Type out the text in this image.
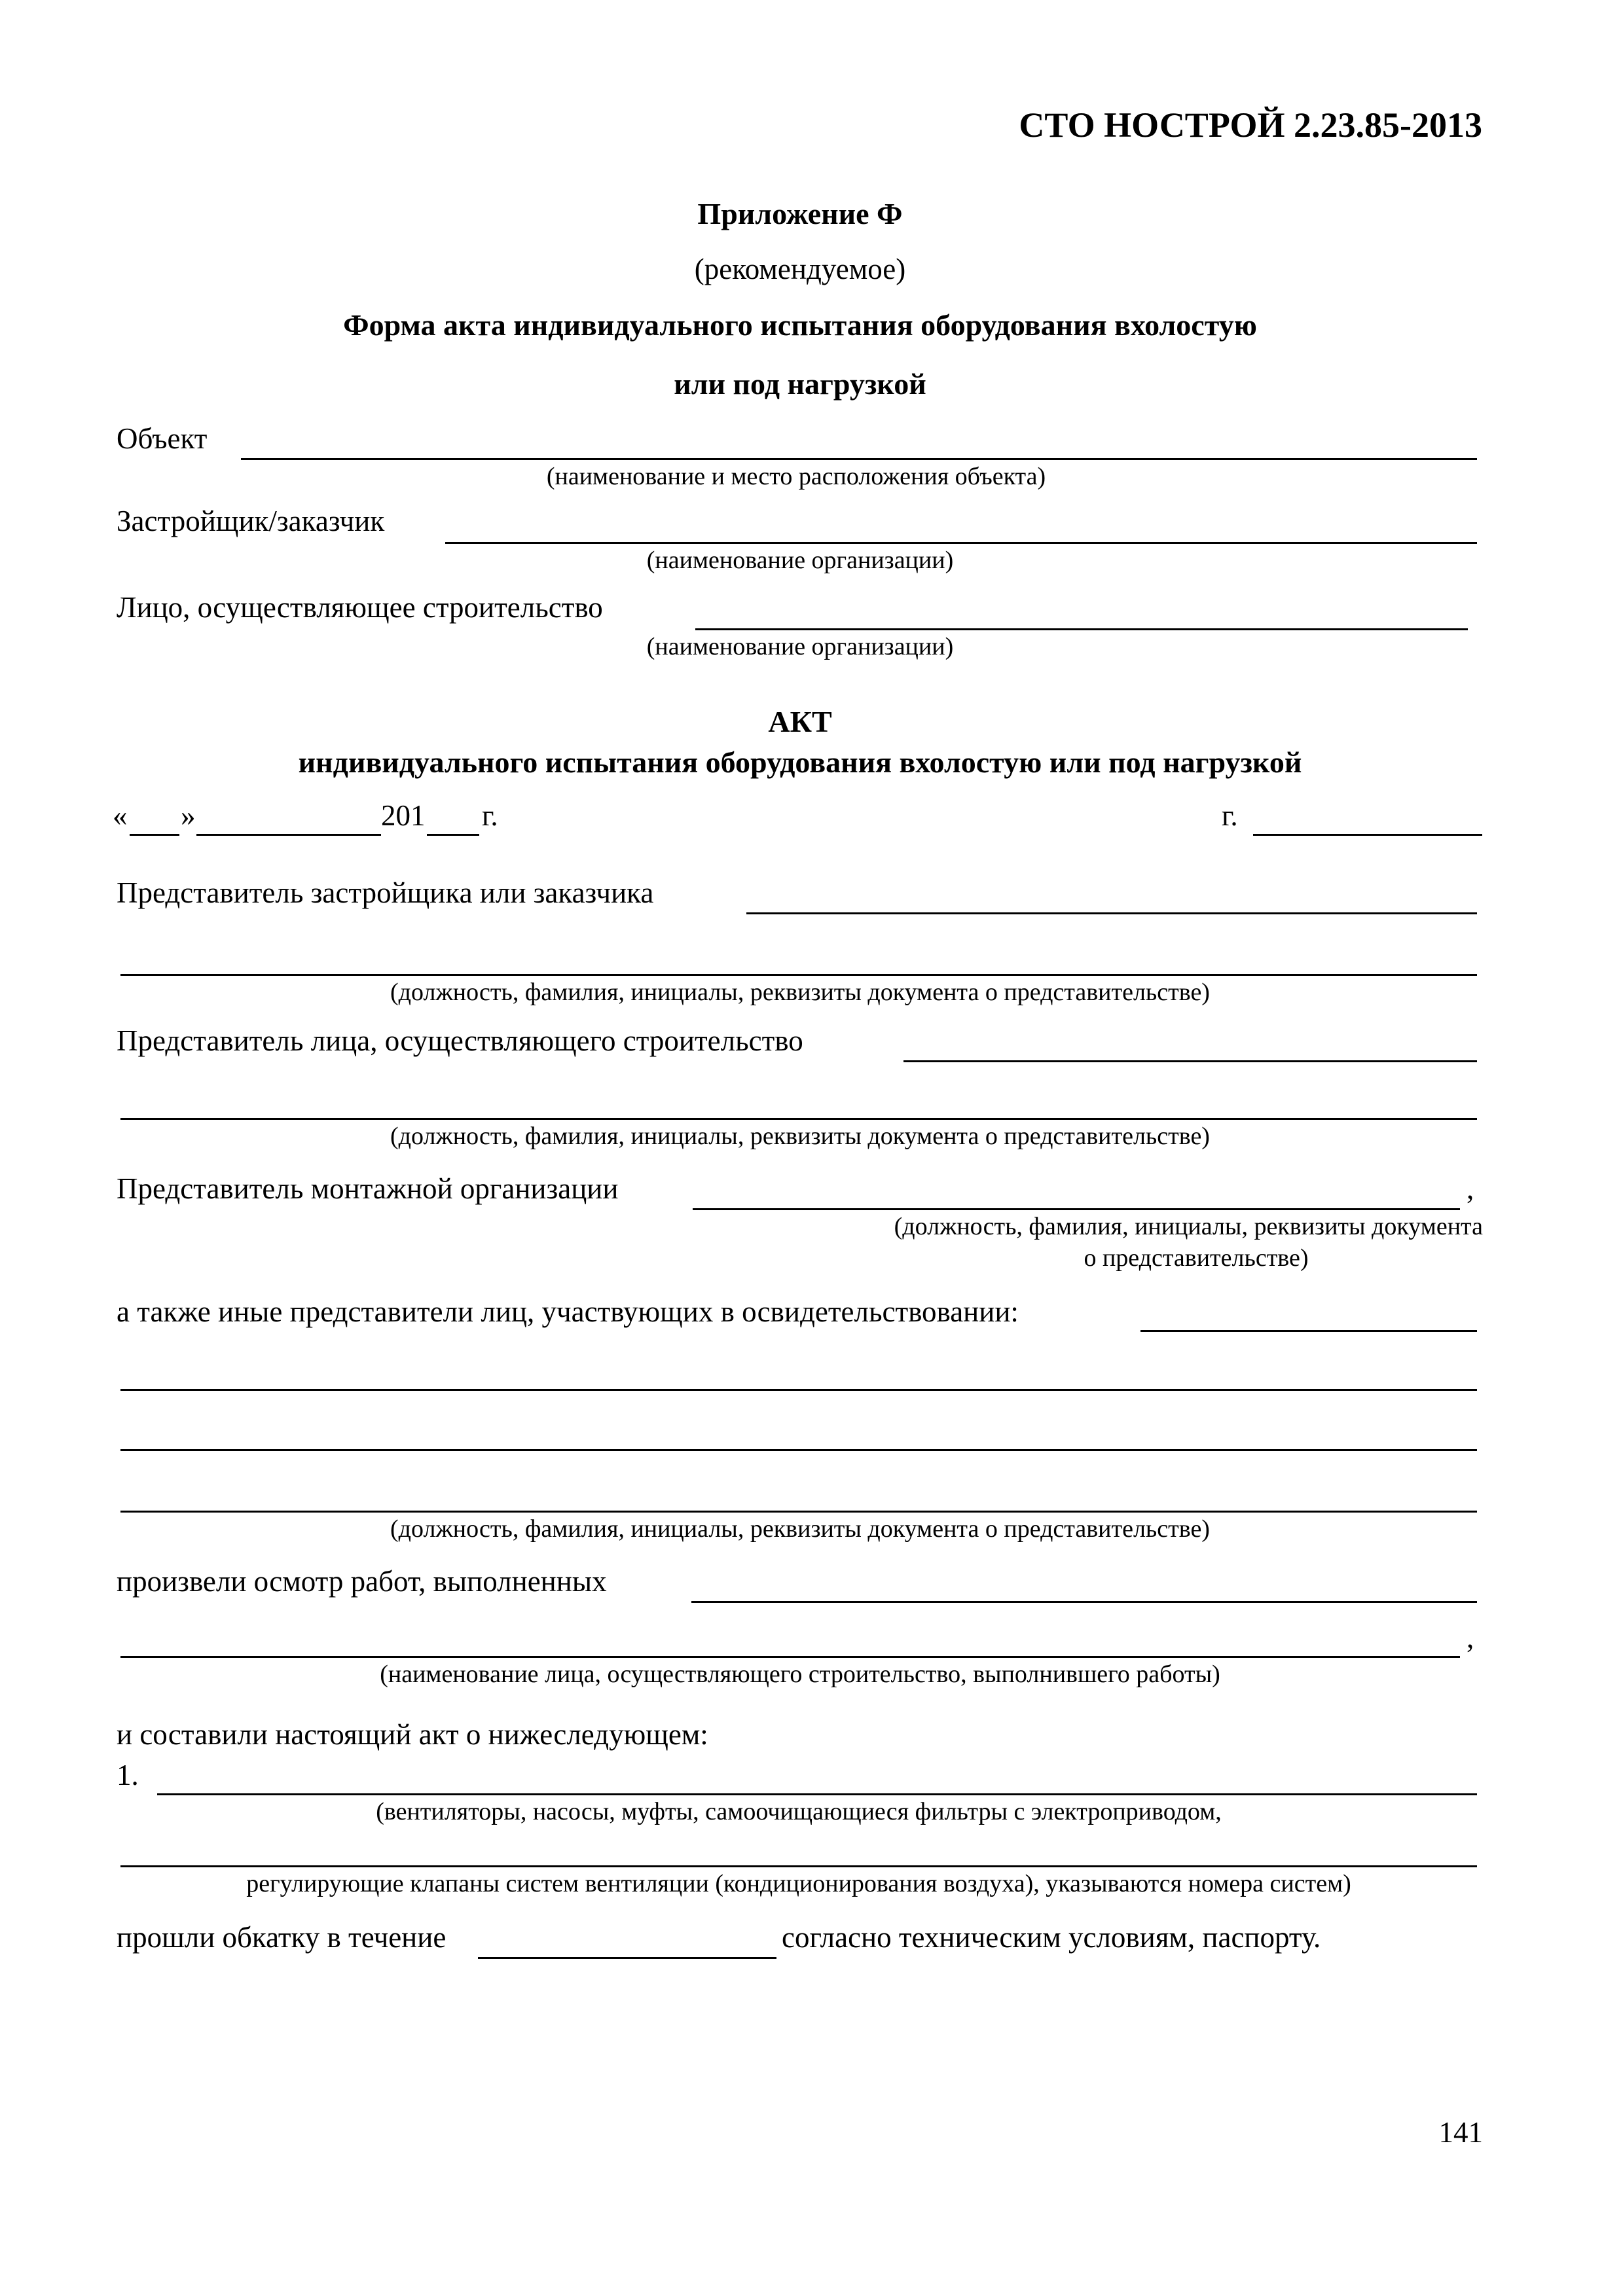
СТО НОСТРОЙ 2.23.85-2013
Приложение Ф
(рекомендуемое)
Форма акта индивидуального испытания оборудования вхолостую
или под нагрузкой
Объект
(наименование и место расположения объекта)
Застройщик/заказчик
(наименование организации)
Лицо, осуществляющее строительство
(наименование организации)
АКТ
индивидуального испытания оборудования вхолостую или под нагрузкой
« »	201 г.	г.
Представитель застройщика или заказчика
(должность, фамилия, инициалы, реквизиты документа о представительстве)
Представитель лица, осуществляющего строительство
(должность, фамилия, инициалы, реквизиты документа о представительстве)
Представитель монтажной организации	,
(должность, фамилия, инициалы, реквизиты документа
о представительстве)
а также иные представители лиц, участвующих в освидетельствовании:
(должность, фамилия, инициалы, реквизиты документа о представительстве)
произвели осмотр работ, выполненных
,
(наименование лица, осуществляющего строительство, выполнившего работы)
и составили настоящий акт о нижеследующем:
1.
(вентиляторы, насосы, муфты, самоочищающиеся фильтры с электроприводом,
регулирующие клапаны систем вентиляции (кондиционирования воздуха), указываются номера систем)
прошли обкатку в течение	согласно техническим условиям, паспорту.
141
